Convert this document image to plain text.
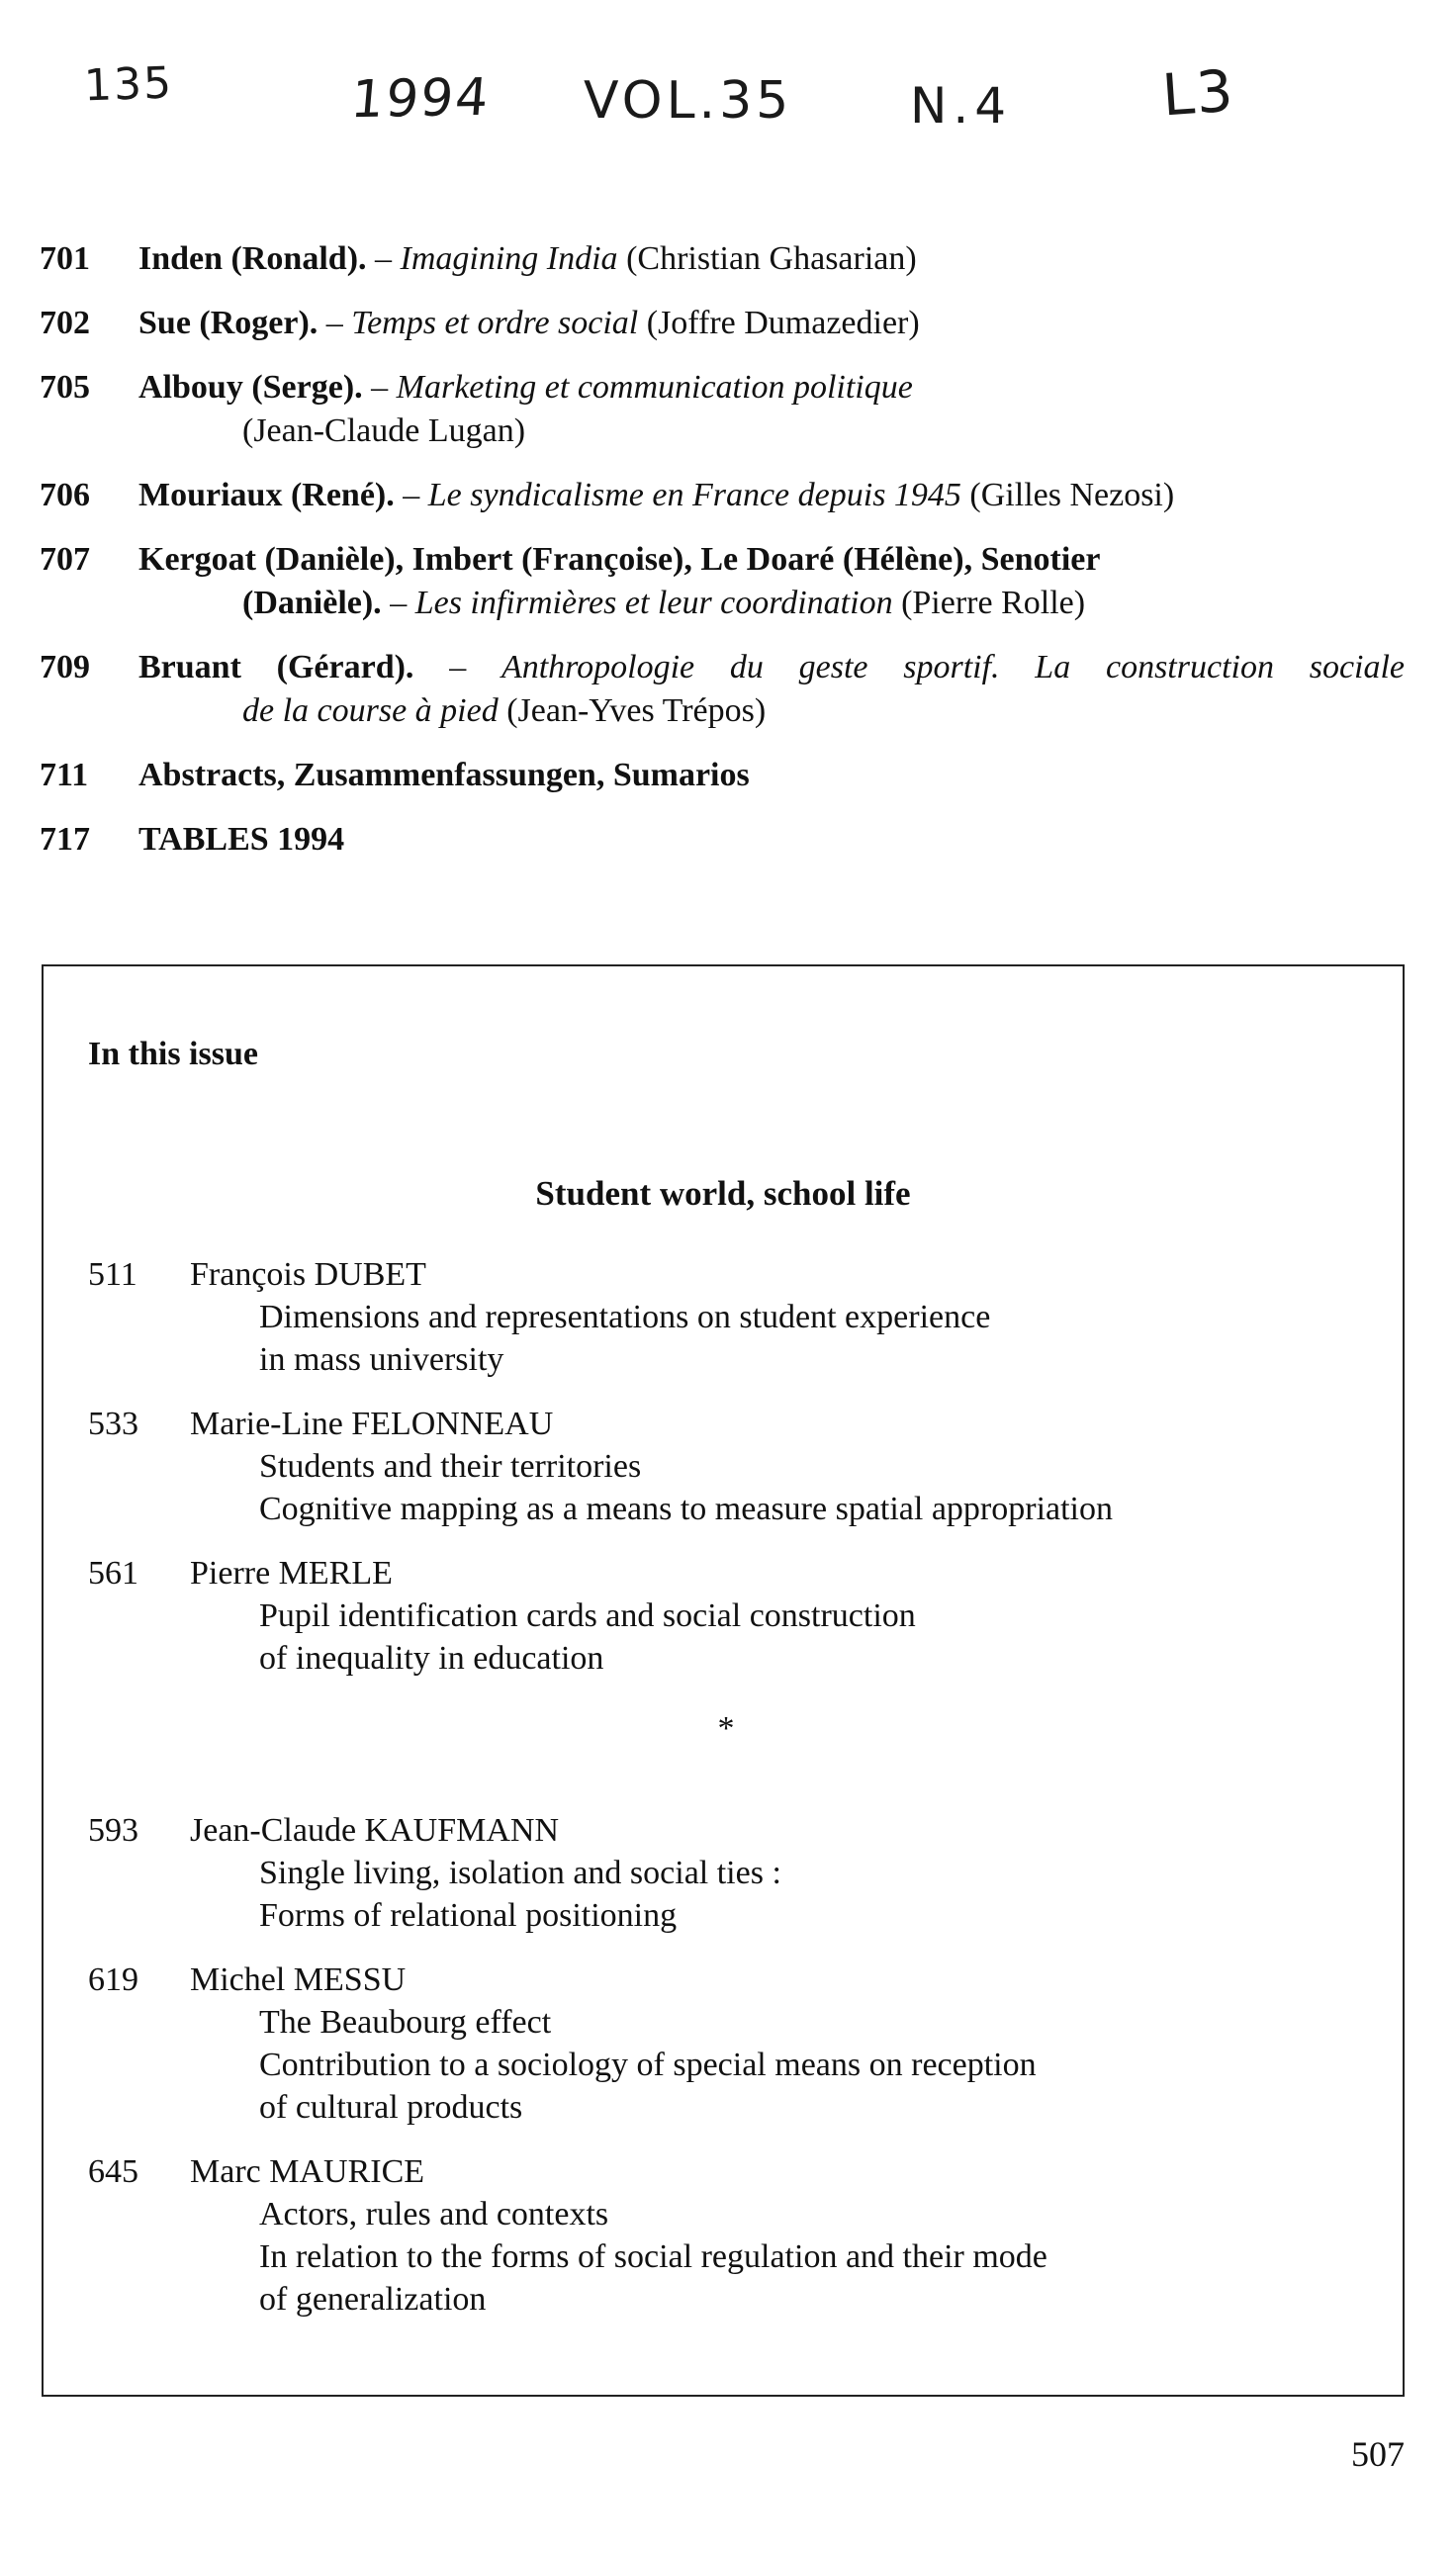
135	1994 VOL.35 N.4	L3
701	Inden (Ronald). – Imagining India (Christian Ghasarian)
702	Sue (Roger). – Temps et ordre social (Joffre Dumazedier)
705	Albouy (Serge). – Marketing et communication politique
(Jean-Claude Lugan)
706	Mouriaux (René). – Le syndicalisme en France depuis 1945 (Gilles Nezosi)
707	Kergoat (Danièle), Imbert (Françoise), Le Doaré (Hélène), Senotier
(Danièle). – Les infirmières et leur coordination (Pierre Rolle)
709	Bruant (Gérard). – Anthropologie du geste sportif. La construction sociale
de la course à pied (Jean-Yves Trépos)
711	Abstracts, Zusammenfassungen, Sumarios
717	TABLES 1994
In this issue
Student world, school life
511	François DUBET
Dimensions and representations on student experience
in mass university
533	Marie-Line FELONNEAU
Students and their territories
Cognitive mapping as a means to measure spatial appropriation
561	Pierre MERLE
Pupil identification cards and social construction
of inequality in education
*
593	Jean-Claude KAUFMANN
Single living, isolation and social ties :
Forms of relational positioning
619	Michel MESSU
The Beaubourg effect
Contribution to a sociology of special means on reception
of cultural products
645	Marc MAURICE
Actors, rules and contexts
In relation to the forms of social regulation and their mode
of generalization
507
